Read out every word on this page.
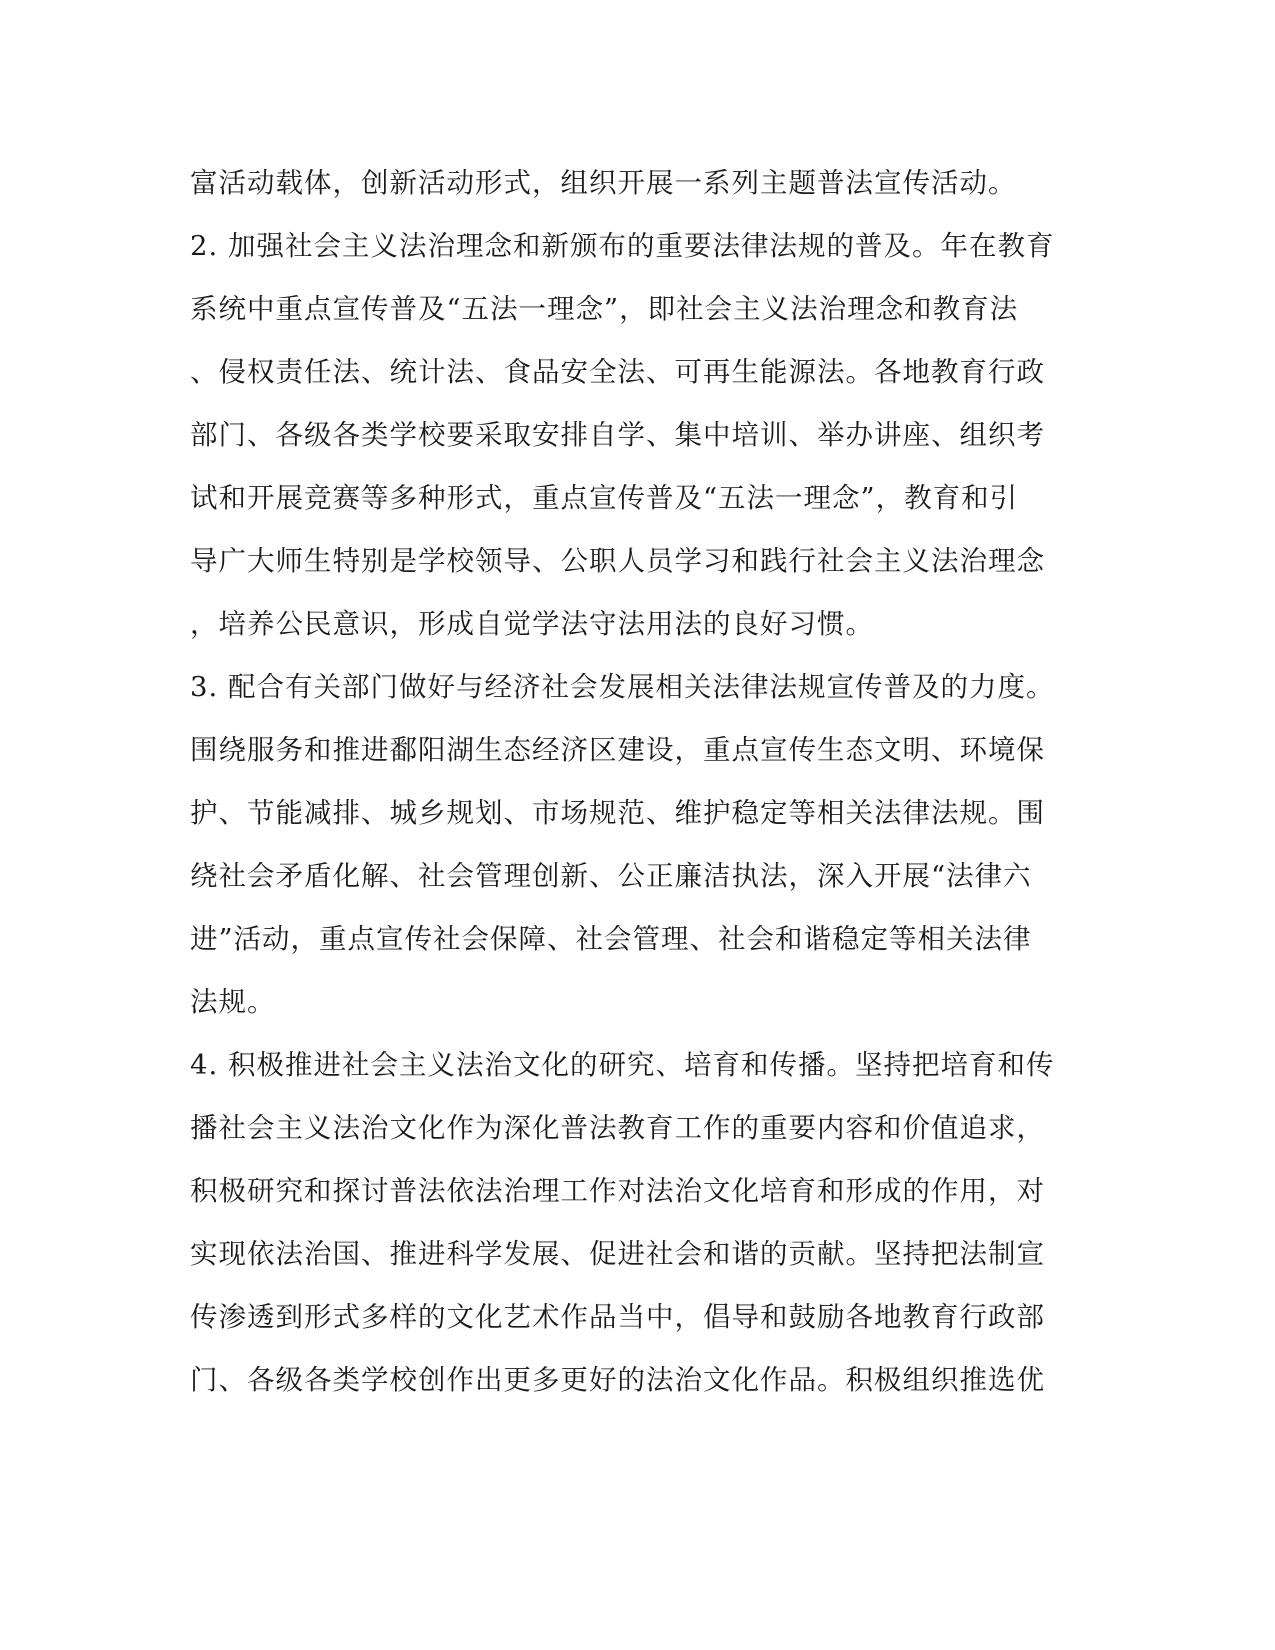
富活动载体，创新活动形式，组织开展一系列主题普法宣传活动。
2. 加强社会主义法治理念和新颁布的重要法律法规的普及。年在教育
系统中重点宣传普及“五法一理念”，即社会主义法治理念和教育法
、侵权责任法、统计法、食品安全法、可再生能源法。各地教育行政
部门、各级各类学校要采取安排自学、集中培训、举办讲座、组织考
试和开展竞赛等多种形式，重点宣传普及“五法一理念”，教育和引
导广大师生特别是学校领导、公职人员学习和践行社会主义法治理念
，培养公民意识，形成自觉学法守法用法的良好习惯。
3. 配合有关部门做好与经济社会发展相关法律法规宣传普及的力度。
围绕服务和推进鄱阳湖生态经济区建设，重点宣传生态文明、环境保
护、节能减排、城乡规划、市场规范、维护稳定等相关法律法规。围
绕社会矛盾化解、社会管理创新、公正廉洁执法，深入开展“法律六
进”活动，重点宣传社会保障、社会管理、社会和谐稳定等相关法律
法规。
4. 积极推进社会主义法治文化的研究、培育和传播。坚持把培育和传
播社会主义法治文化作为深化普法教育工作的重要内容和价值追求，
积极研究和探讨普法依法治理工作对法治文化培育和形成的作用，对
实现依法治国、推进科学发展、促进社会和谐的贡献。坚持把法制宣
传渗透到形式多样的文化艺术作品当中，倡导和鼓励各地教育行政部
门、各级各类学校创作出更多更好的法治文化作品。积极组织推选优
